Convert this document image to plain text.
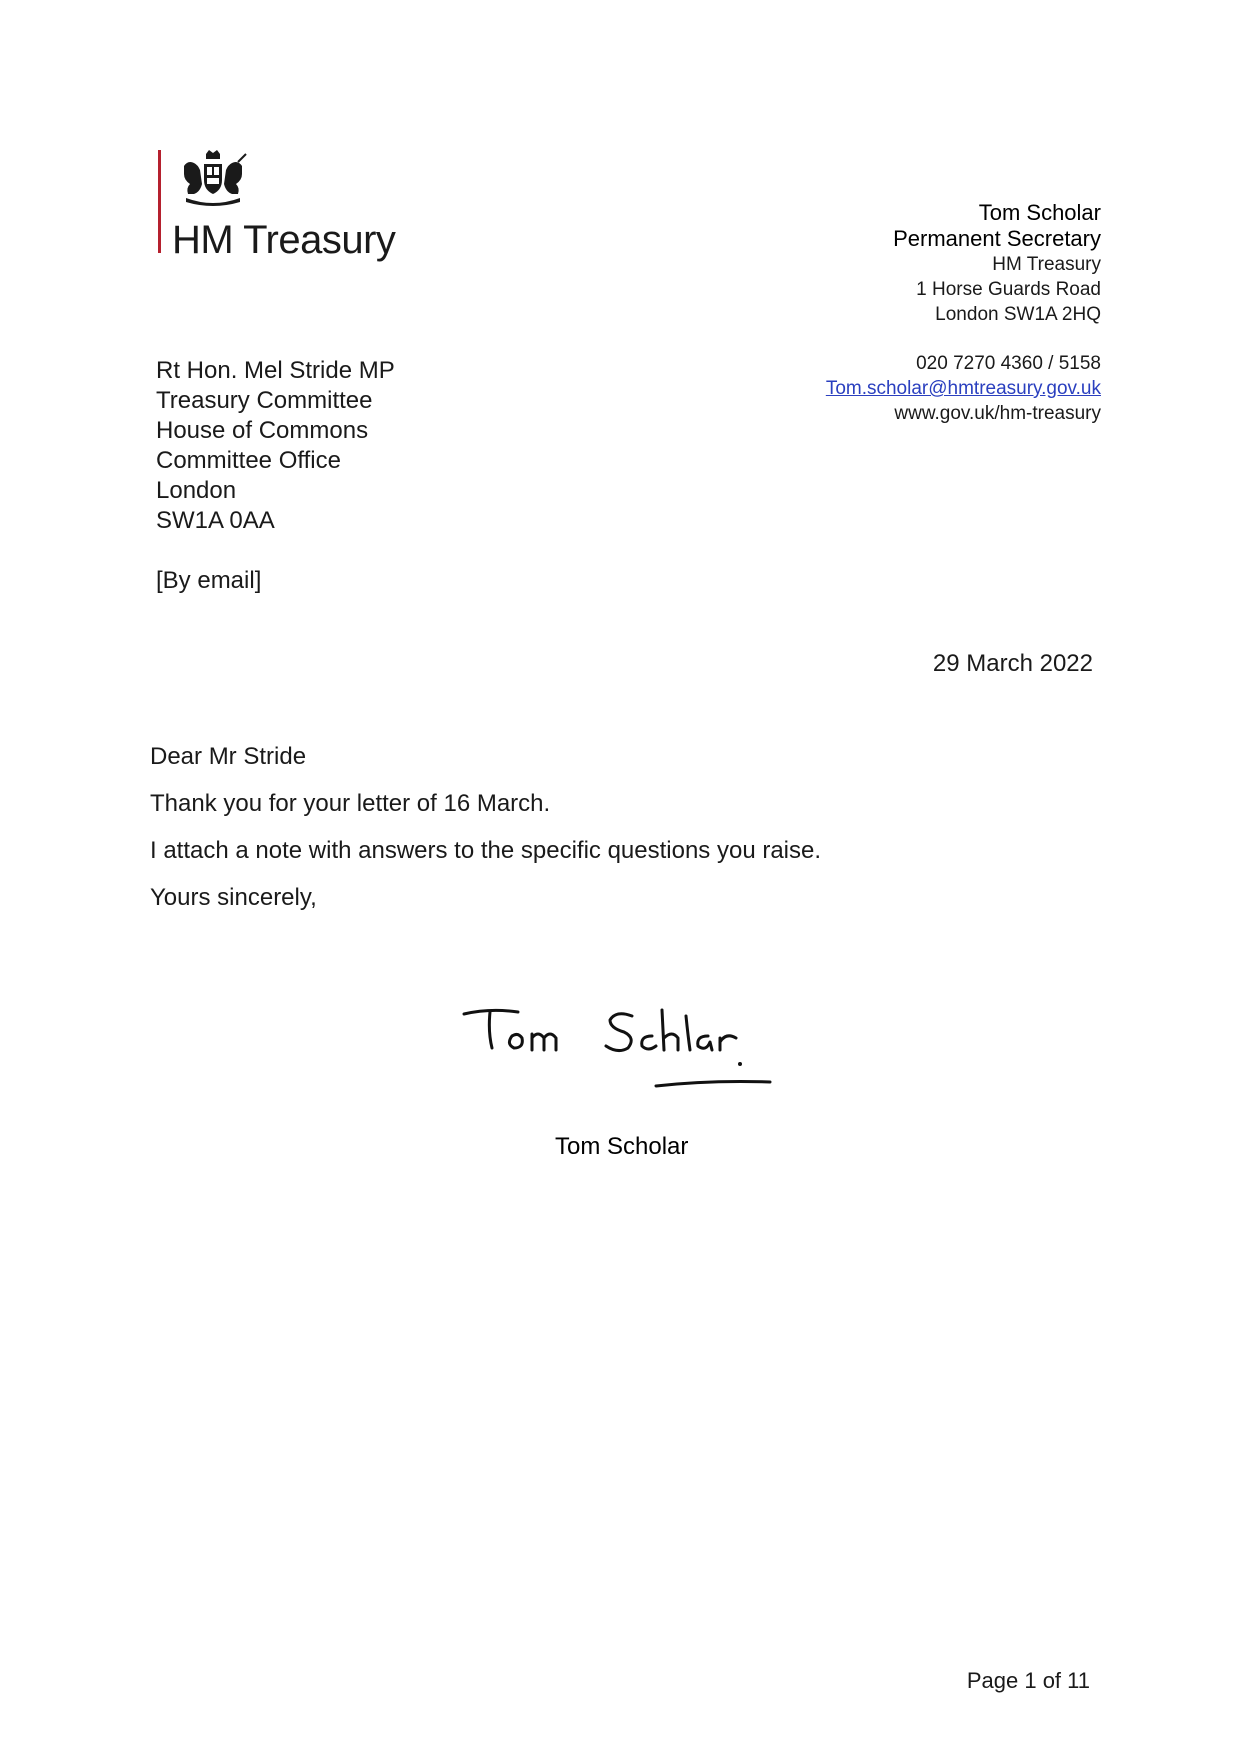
HM Treasury
Tom Scholar
Permanent Secretary
HM Treasury
1 Horse Guards Road
London SW1A 2HQ
020 7270 4360 / 5158
Tom.scholar@hmtreasury.gov.uk
www.gov.uk/hm-treasury
Rt Hon. Mel Stride MP
Treasury Committee
House of Commons
Committee Office
London
SW1A 0AA
[By email]
29 March 2022

Dear Mr Stride

Thank you for your letter of 16 March.

I attach a note with answers to the specific questions you raise.

Yours sincerely,

Tom Scholar
Page 1 of 11
